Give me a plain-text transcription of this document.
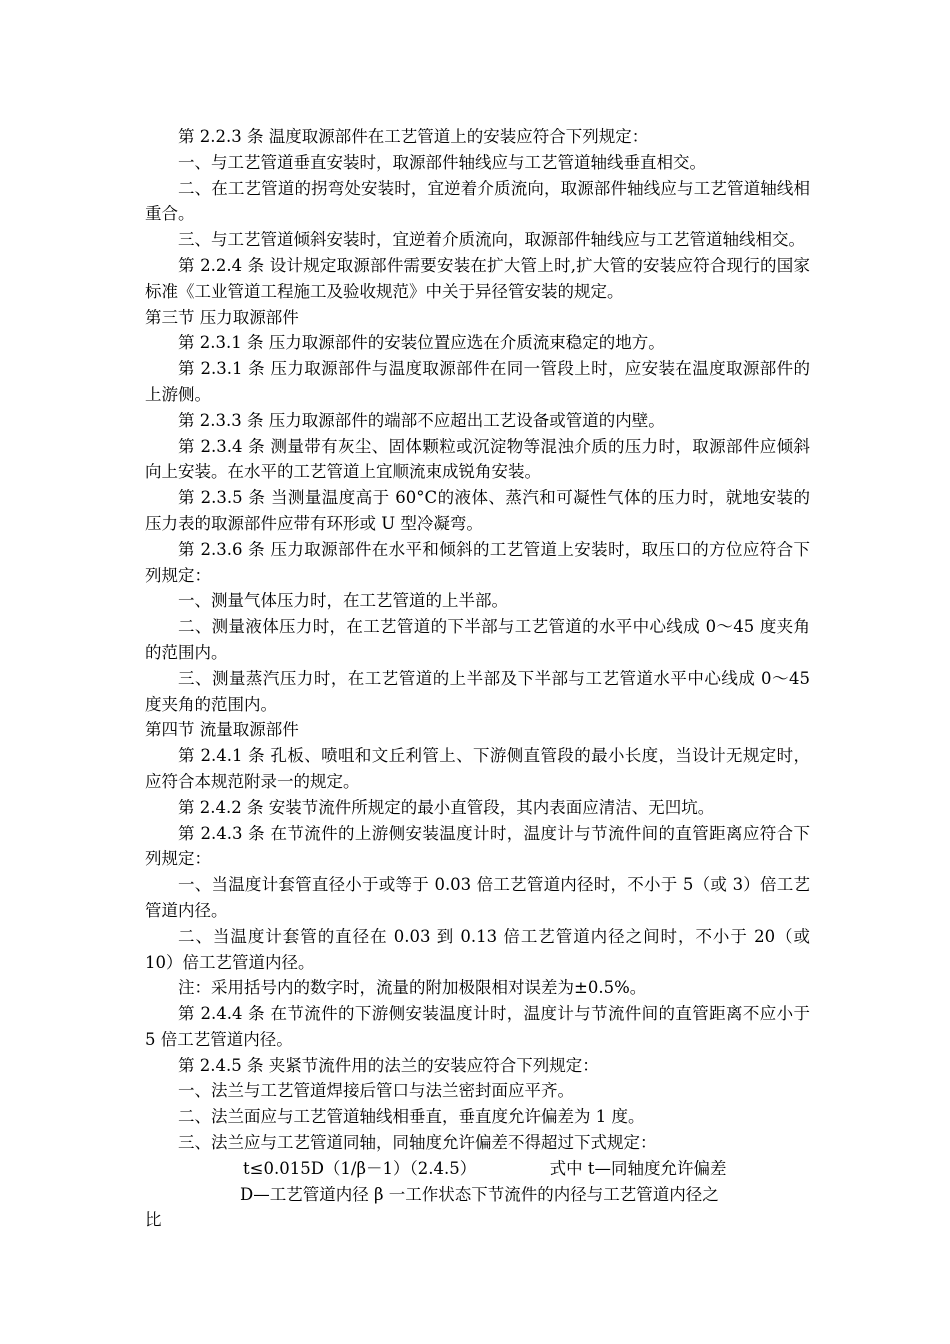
第 2.2.3 条 温度取源部件在工艺管道上的安装应符合下列规定：

一、与工艺管道垂直安装时，取源部件轴线应与工艺管道轴线垂直相交。

二、在工艺管道的拐弯处安装时，宜逆着介质流向，取源部件轴线应与工艺管道轴线相重合。

三、与工艺管道倾斜安装时，宜逆着介质流向，取源部件轴线应与工艺管道轴线相交。

第 2.2.4 条 设计规定取源部件需要安装在扩大管上时,扩大管的安装应符合现行的国家标准《工业管道工程施工及验收规范》中关于异径管安装的规定。

第三节 压力取源部件

第 2.3.1 条 压力取源部件的安装位置应选在介质流束稳定的地方。

第 2.3.1 条 压力取源部件与温度取源部件在同一管段上时，应安装在温度取源部件的上游侧。

第 2.3.3 条 压力取源部件的端部不应超出工艺设备或管道的内壁。

第 2.3.4 条 测量带有灰尘、固体颗粒或沉淀物等混浊介质的压力时，取源部件应倾斜向上安装。在水平的工艺管道上宜顺流束成锐角安装。

第 2.3.5 条 当测量温度高于 60°C的液体、蒸汽和可凝性气体的压力时，就地安装的压力表的取源部件应带有环形或 U 型冷凝弯。

第 2.3.6 条 压力取源部件在水平和倾斜的工艺管道上安装时，取压口的方位应符合下列规定：

一、测量气体压力时，在工艺管道的上半部。

二、测量液体压力时，在工艺管道的下半部与工艺管道的水平中心线成 0～45 度夹角的范围内。

三、测量蒸汽压力时，在工艺管道的上半部及下半部与工艺管道水平中心线成 0～45 度夹角的范围内。

第四节 流量取源部件

第 2.4.1 条 孔板、喷咀和文丘利管上、下游侧直管段的最小长度，当设计无规定时，应符合本规范附录一的规定。

第 2.4.2 条 安装节流件所规定的最小直管段，其内表面应清洁、无凹坑。

第 2.4.3 条 在节流件的上游侧安装温度计时，温度计与节流件间的直管距离应符合下列规定：

一、当温度计套管直径小于或等于 0.03 倍工艺管道内径时，不小于 5（或 3）倍工艺管道内径。

二、当温度计套管的直径在 0.03 到 0.13 倍工艺管道内径之间时，不小于 20（或 10）倍工艺管道内径。

注：采用括号内的数字时，流量的附加极限相对误差为±0.5%。

第 2.4.4 条 在节流件的下游侧安装温度计时，温度计与节流件间的直管距离不应小于 5 倍工艺管道内径。

第 2.4.5 条 夹紧节流件用的法兰的安装应符合下列规定：

一、法兰与工艺管道焊接后管口与法兰密封面应平齐。

二、法兰面应与工艺管道轴线相垂直，垂直度允许偏差为 1 度。

三、法兰应与工艺管道同轴，同轴度允许偏差不得超过下式规定：

t≤0.015D（1/β－1）（2.4.5）              式中 t—同轴度允许偏差

D—工艺管道内径 β 一工作状态下节流件的内径与工艺管道内径之

比
